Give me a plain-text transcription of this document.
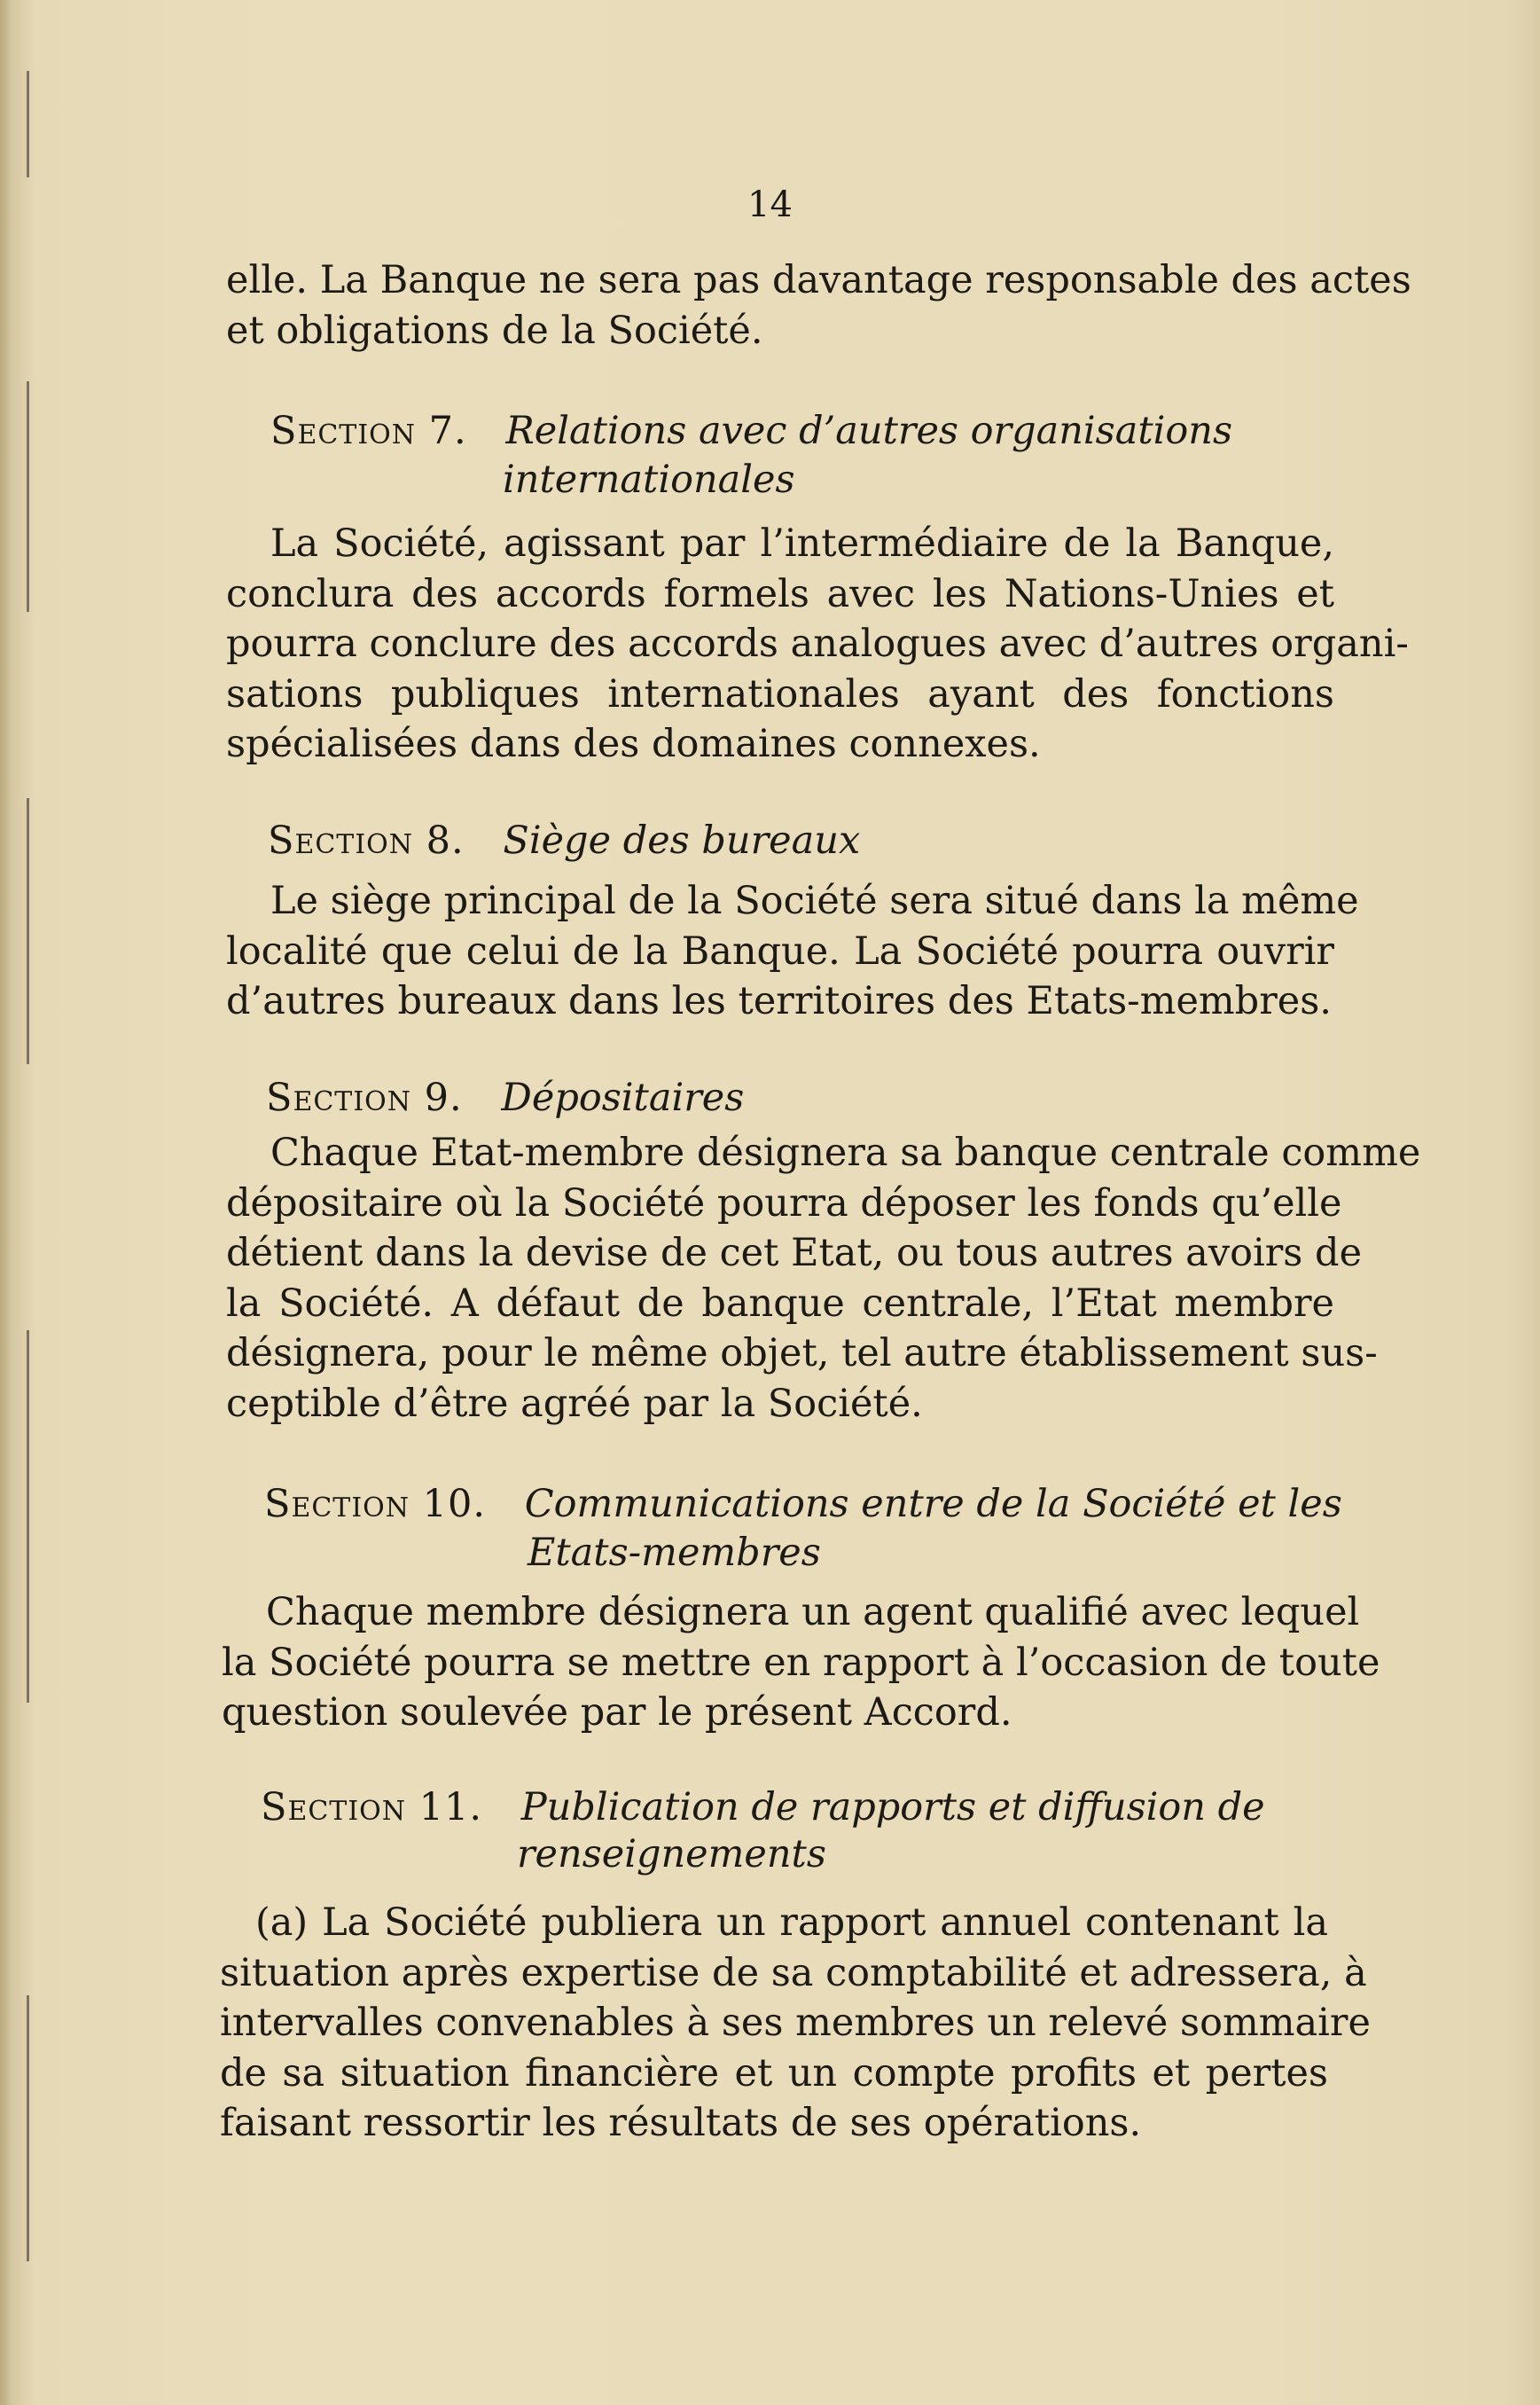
14

elle. La Banque ne sera pas davantage responsable des actes

et obligations de la Société.

Section 7. Relations avec d’autres organisations
internationales

La Société, agissant par l’intermédiaire de la Banque,

conclura des accords formels avec les Nations-Unies et

pourra conclure des accords analogues avec d’autres organi-

sations publiques internationales ayant des fonctions

spécialisées dans des domaines connexes.

Section 8. Siège des bureaux

Le siège principal de la Société sera situé dans la même

localité que celui de la Banque. La Société pourra ouvrir

d’autres bureaux dans les territoires des Etats-membres.

Section 9. Dépositaires

Chaque Etat-membre désignera sa banque centrale comme

dépositaire où la Société pourra déposer les fonds qu’elle

détient dans la devise de cet Etat, ou tous autres avoirs de

la Société. A défaut de banque centrale, l’Etat membre

désignera, pour le même objet, tel autre établissement sus-

ceptible d’être agréé par la Société.

Section 10. Communications entre de la Société et les
Etats-membres

Chaque membre désignera un agent qualifié avec lequel

la Société pourra se mettre en rapport à l’occasion de toute

question soulevée par le présent Accord.

Section 11. Publication de rapports et diffusion de
renseignements

(a) La Société publiera un rapport annuel contenant la

situation après expertise de sa comptabilité et adressera, à

intervalles convenables à ses membres un relevé sommaire

de sa situation financière et un compte profits et pertes

faisant ressortir les résultats de ses opérations.
